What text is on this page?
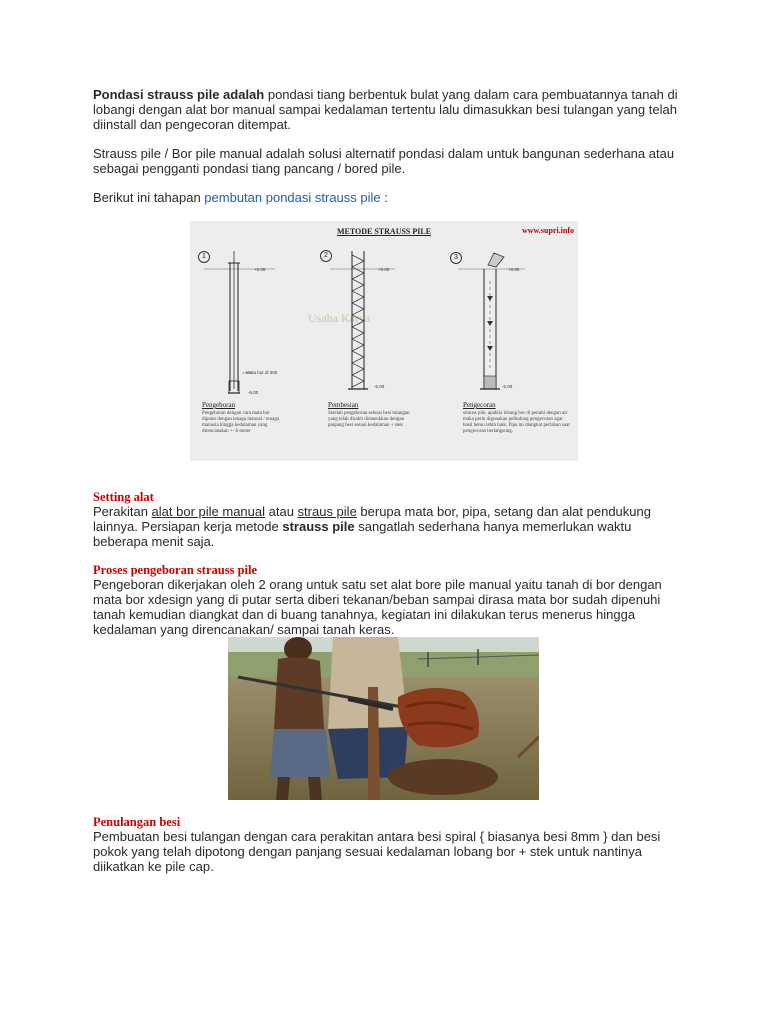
Pondasi strauss pile adalah pondasi tiang berbentuk bulat yang dalam cara pembuatannya tanah di lobangi dengan alat bor manual sampai kedalaman tertentu lalu dimasukkan besi tulangan yang telah diinstall dan pengecoran ditempat.

Strauss pile / Bor pile manual adalah solusi alternatif pondasi dalam untuk bangunan sederhana atau sebagai pengganti pondasi tiang pancang / bored pile.

Berikut ini tahapan pembutan pondasi strauss pile :

METODE STRAUSS PILE	www.supri.info
Usaha Karya
1
+0.00
Mata bor di 300
-6.00
Pengeboran
Pengeboran dengan cara mata bor diputar dengan tenaga manual / tenaga manusia hingga kedalaman yang direncanakan +- 6 meter
2
+0.00
-6.00
Pembesian
Setelah pengeboran selesai besi tulangan yang telah dirakit dimasukkan dengan panjang besi sesuai kedalaman + stek
3
+0.00
-6.00
Pengecoran
strauss pile, apabila lobang bor di penuhi dengan air maka perlu digunakan pelindung pengecoran agar hasil beton lebih baik. Pipa ini diangkat perlahan saat pengecoran berlangsung.
Setting alat

Perakitan alat bor pile manual atau straus pile berupa mata bor, pipa, setang dan alat pendukung lainnya. Persiapan kerja metode strauss pile sangatlah sederhana hanya memerlukan waktu beberapa menit saja.

Proses pengeboran strauss pile

Pengeboran dikerjakan oleh 2 orang untuk satu set alat bore pile manual yaitu tanah di bor dengan mata bor xdesign yang di putar serta diberi tekanan/beban sampai dirasa mata bor sudah dipenuhi tanah kemudian diangkat dan di buang tanahnya, kegiatan ini dilakukan terus menerus hingga kedalaman yang direncanakan/ sampai tanah keras.

Penulangan besi

Pembuatan besi tulangan dengan cara perakitan antara besi spiral { biasanya besi 8mm } dan besi pokok yang telah dipotong dengan panjang sesuai kedalaman lobang bor + stek untuk nantinya diikatkan ke pile cap.
